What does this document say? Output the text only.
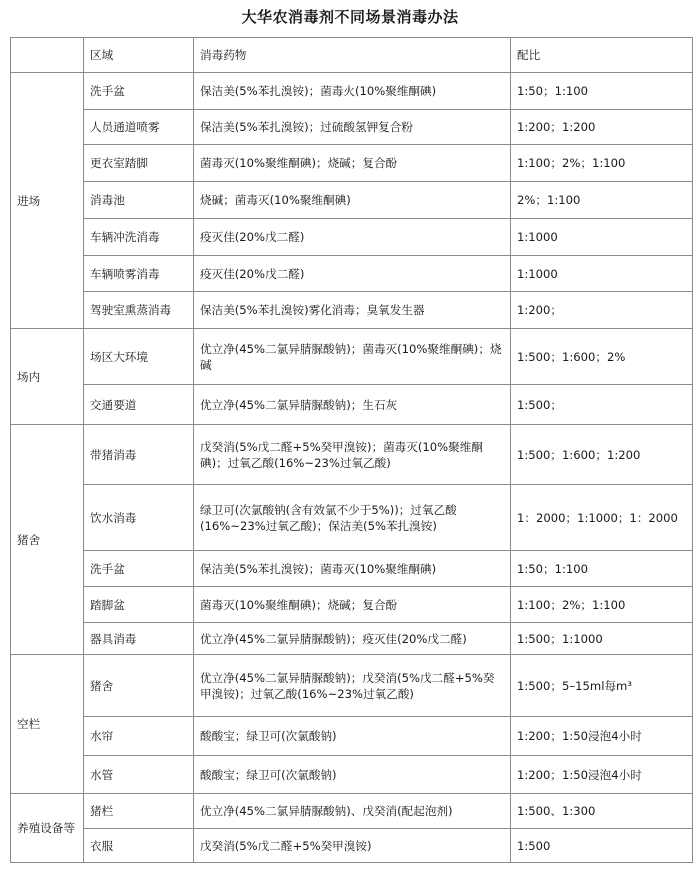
大华农消毒剂不同场景消毒办法
	区域	消毒药物	配比
进场	洗手盆	保洁美(5%苯扎溴铵)；菌毒火(10%聚维酮碘)	1:50；1:100
	人员通道喷雾	保洁美(5%苯扎溴铵)；过硫酸氢钾复合粉	1:200；1:200
	更衣室踏脚	菌毒灭(10%聚维酮碘)；烧碱；复合酚	1:100；2%；1:100
	消毒池	烧碱；菌毒灭(10%聚维酮碘)	2%；1:100
	车辆冲洗消毒	疫灭佳(20%戊二醛)	1:1000
	车辆喷雾消毒	疫灭佳(20%戊二醛)	1:1000
	驾驶室熏蒸消毒	保洁美(5%苯扎溴铵)雾化消毒；臭氧发生器	1:200；
场内	场区大环境	优立净(45%二氯异腈脲酸钠)；菌毒灭(10%聚维酮碘)；烧碱	1:500；1:600；2%
	交通要道	优立净(45%二氯异腈脲酸钠)；生石灰	1:500；
猪舍	带猪消毒	戊癸消(5%戊二醛+5%癸甲溴铵)；菌毒灭(10%聚维酮碘)；过氧乙酸(16%~23%过氧乙酸)	1:500；1:600；1:200
	饮水消毒	绿卫可(次氯酸钠(含有效氯不少于5%))；过氧乙酸(16%~23%过氧乙酸)；保洁美(5%苯扎溴铵)	1：2000；1:1000；1：2000
	洗手盆	保洁美(5%苯扎溴铵)；菌毒灭(10%聚维酮碘)	1:50；1:100
	踏脚盆	菌毒灭(10%聚维酮碘)；烧碱；复合酚	1:100；2%；1:100
	器具消毒	优立净(45%二氯异腈脲酸钠)；疫灭佳(20%戊二醛)	1:500；1:1000
空栏	猪舍	优立净(45%二氯异腈脲酸钠)；戊癸消(5%戊二醛+5%癸甲溴铵)；过氧乙酸(16%~23%过氧乙酸)	1:500；5–15ml每m³
	水帘	酸酸宝；绿卫可(次氯酸钠)	1:200；1:50浸泡4小时
	水管	酸酸宝；绿卫可(次氯酸钠)	1:200；1:50浸泡4小时
养殖设备等	猪栏	优立净(45%二氯异腈脲酸钠)、戊癸消(配起泡剂)	1:500、1:300
	衣服	戊癸消(5%戊二醛+5%癸甲溴铵)	1:500
